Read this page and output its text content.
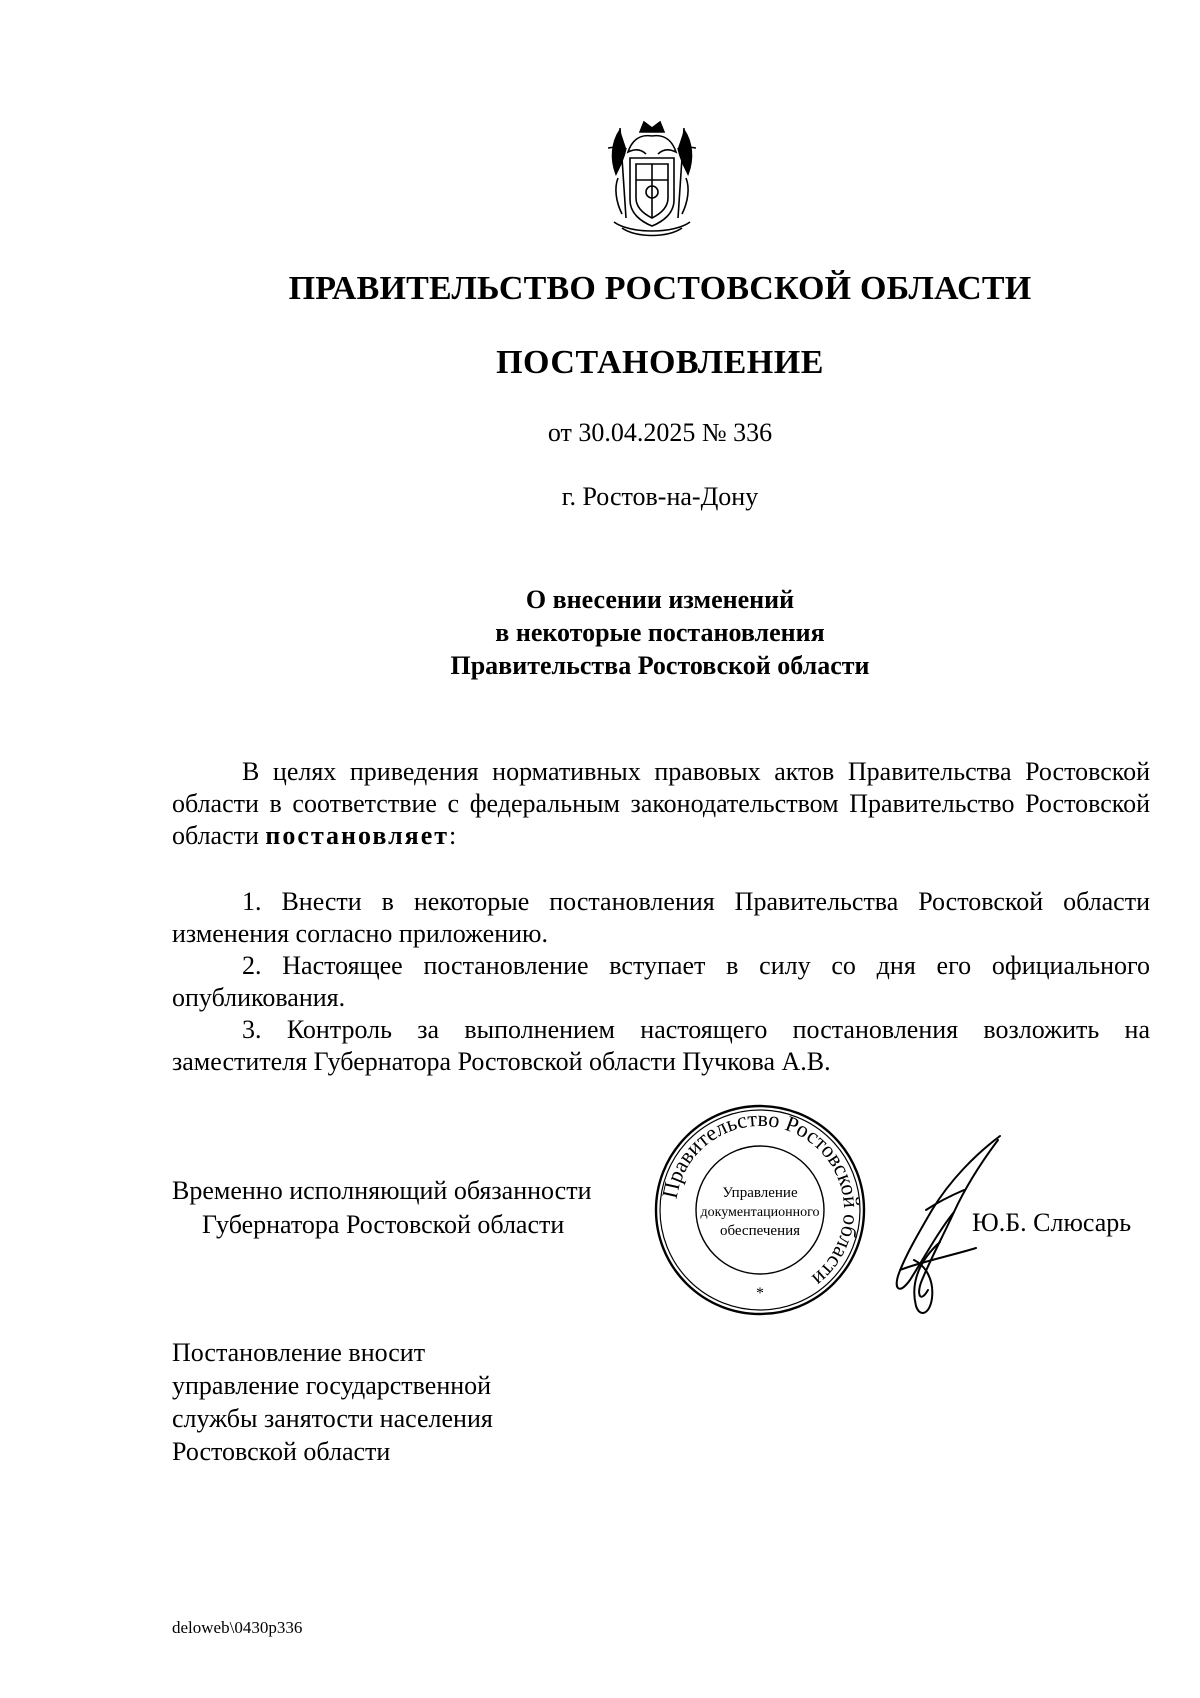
ПРАВИТЕЛЬСТВО РОСТОВСКОЙ ОБЛАСТИ
ПОСТАНОВЛЕНИЕ
от 30.04.2025 № 336
г. Ростов-на-Дону
О внесении изменений
в некоторые постановления
Правительства Ростовской области
В целях приведения нормативных правовых актов Правительства Ростовской области в соответствие с федеральным законодательством Правительство Ростовской области постановляет:
1. Внести в некоторые постановления Правительства Ростовской области изменения согласно приложению.
2. Настоящее постановление вступает в силу со дня его официального опубликования.
3. Контроль за выполнением настоящего постановления возложить на заместителя Губернатора Ростовской области Пучкова А.В.
Временно исполняющий обязанности
Губернатора Ростовской области
Правительство Ростовской области
Управление
документационного
обеспечения
*
Ю.Б. Слюсарь
Постановление вносит
управление государственной
службы занятости населения
Ростовской области
deloweb\0430p336
